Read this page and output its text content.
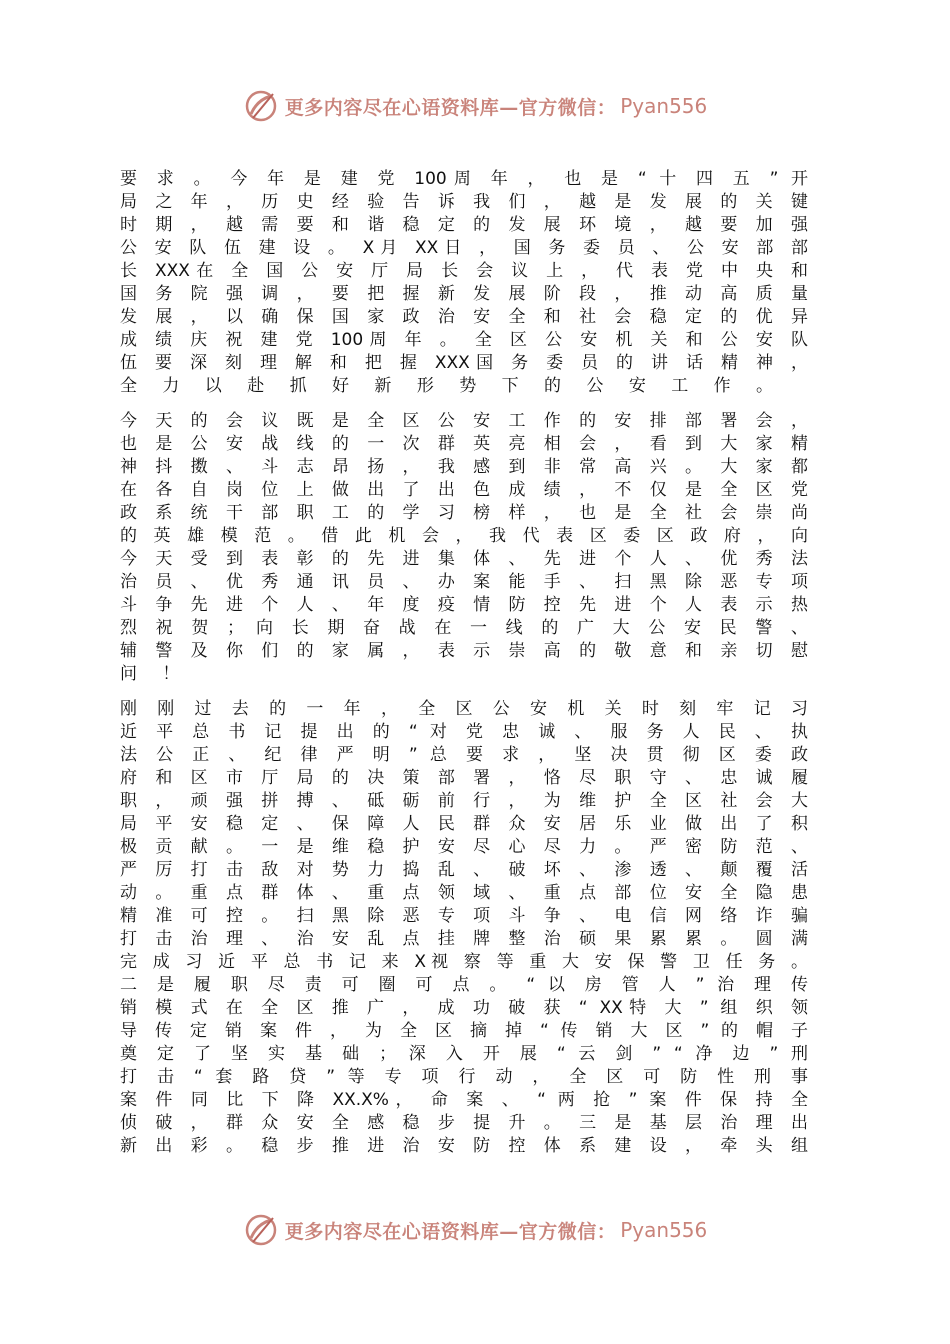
更多内容尽在心语资料库—官方微信： Pyan556
要 求 。 今 年 是 建 党 100周 年 ， 也 是 “ 十 四 五 ” 开
局 之 年 ， 历 史 经 验 告 诉 我 们 ， 越 是 发 展 的 关 键
时 期 ， 越 需 要 和 谐 稳 定 的 发 展 环 境 ， 越 要 加 强
公 安 队 伍 建 设 。 X月 XX日 ， 国 务 委 员 、 公 安 部 部
长 XXX在 全 国 公 安 厅 局 长 会 议 上 ， 代 表 党 中 央 和
国 务 院 强 调 ， 要 把 握 新 发 展 阶 段 ， 推 动 高 质 量
发 展 ， 以 确 保 国 家 政 治 安 全 和 社 会 稳 定 的 优 异
成 绩 庆 祝 建 党 100周 年 。 全 区 公 安 机 关 和 公 安 队
伍 要 深 刻 理 解 和 把 握 XXX国 务 委 员 的 讲 话 精 神 ，
全 力 以 赴 抓 好 新 形 势 下 的 公 安 工 作 。
今 天 的 会 议 既 是 全 区 公 安 工 作 的 安 排 部 署 会 ，
也 是 公 安 战 线 的 一 次 群 英 亮 相 会 ， 看 到 大 家 精
神 抖 擞 、 斗 志 昂 扬 ， 我 感 到 非 常 高 兴 。 大 家 都
在 各 自 岗 位 上 做 出 了 出 色 成 绩 ， 不 仅 是 全 区 党
政 系 统 干 部 职 工 的 学 习 榜 样 ， 也 是 全 社 会 崇 尚
的 英 雄 模 范 。 借 此 机 会 ， 我 代 表 区 委 区 政 府 ， 向
今 天 受 到 表 彰 的 先 进 集 体 、 先 进 个 人 、 优 秀 法
治 员 、 优 秀 通 讯 员 、 办 案 能 手 、 扫 黑 除 恶 专 项
斗 争 先 进 个 人 、 年 度 疫 情 防 控 先 进 个 人 表 示 热
烈 祝 贺 ； 向 长 期 奋 战 在 一 线 的 广 大 公 安 民 警 、
辅 警 及 你 们 的 家 属 ， 表 示 崇 高 的 敬 意 和 亲 切 慰
问 ！
刚 刚 过 去 的 一 年 ， 全 区 公 安 机 关 时 刻 牢 记 习
近 平 总 书 记 提 出 的 “ 对 党 忠 诚 、 服 务 人 民 、 执
法 公 正 、 纪 律 严 明 ” 总 要 求 ， 坚 决 贯 彻 区 委 政
府 和 区 市 厅 局 的 决 策 部 署 ， 恪 尽 职 守 、 忠 诚 履
职 ， 顽 强 拼 搏 、 砥 砺 前 行 ， 为 维 护 全 区 社 会 大
局 平 安 稳 定 、 保 障 人 民 群 众 安 居 乐 业 做 出 了 积
极 贡 献 。 一 是 维 稳 护 安 尽 心 尽 力 。 严 密 防 范 、
严 厉 打 击 敌 对 势 力 捣 乱 、 破 坏 、 渗 透 、 颠 覆 活
动 。 重 点 群 体 、 重 点 领 域 、 重 点 部 位 安 全 隐 患
精 准 可 控 。 扫 黑 除 恶 专 项 斗 争 、 电 信 网 络 诈 骗
打 击 治 理 、 治 安 乱 点 挂 牌 整 治 硕 果 累 累 。 圆 满
完 成 习 近 平 总 书 记 来 X视 察 等 重 大 安 保 警 卫 任 务 。
二 是 履 职 尽 责 可 圈 可 点 。 “ 以 房 管 人 ” 治 理 传
销 模 式 在 全 区 推 广 ， 成 功 破 获 “ XX特 大 ” 组 织 领
导 传 定 销 案 件 ， 为 全 区 摘 掉 “ 传 销 大 区 ” 的 帽 子
奠 定 了 坚 实 基 础 ； 深 入 开 展 “ 云 剑 ” “ 净 边 ” 刑
打 击 “ 套 路 贷 ” 等 专 项 行 动 ， 全 区 可 防 性 刑 事
案 件 同 比 下 降 XX.X%， 命 案 、 “ 两 抢 ” 案 件 保 持 全
侦 破 ， 群 众 安 全 感 稳 步 提 升 。 三 是 基 层 治 理 出
新 出 彩 。 稳 步 推 进 治 安 防 控 体 系 建 设 ， 牵 头 组
更多内容尽在心语资料库—官方微信： Pyan556
